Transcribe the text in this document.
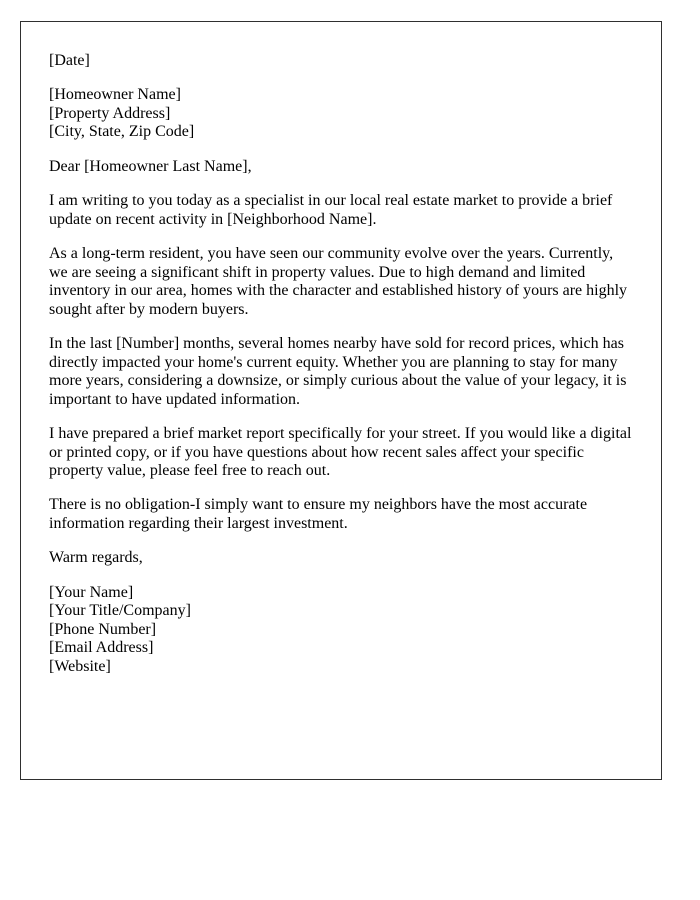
[Date]

[Homeowner Name]
[Property Address]
[City, State, Zip Code]

Dear [Homeowner Last Name],

I am writing to you today as a specialist in our local real estate market to provide a brief update on recent activity in [Neighborhood Name].

As a long-term resident, you have seen our community evolve over the years. Currently, we are seeing a significant shift in property values. Due to high demand and limited inventory in our area, homes with the character and established history of yours are highly sought after by modern buyers.

In the last [Number] months, several homes nearby have sold for record prices, which has directly impacted your home's current equity. Whether you are planning to stay for many more years, considering a downsize, or simply curious about the value of your legacy, it is important to have updated information.

I have prepared a brief market report specifically for your street. If you would like a digital or printed copy, or if you have questions about how recent sales affect your specific property value, please feel free to reach out.

There is no obligation-I simply want to ensure my neighbors have the most accurate information regarding their largest investment.

Warm regards,

[Your Name]
[Your Title/Company]
[Phone Number]
[Email Address]
[Website]
